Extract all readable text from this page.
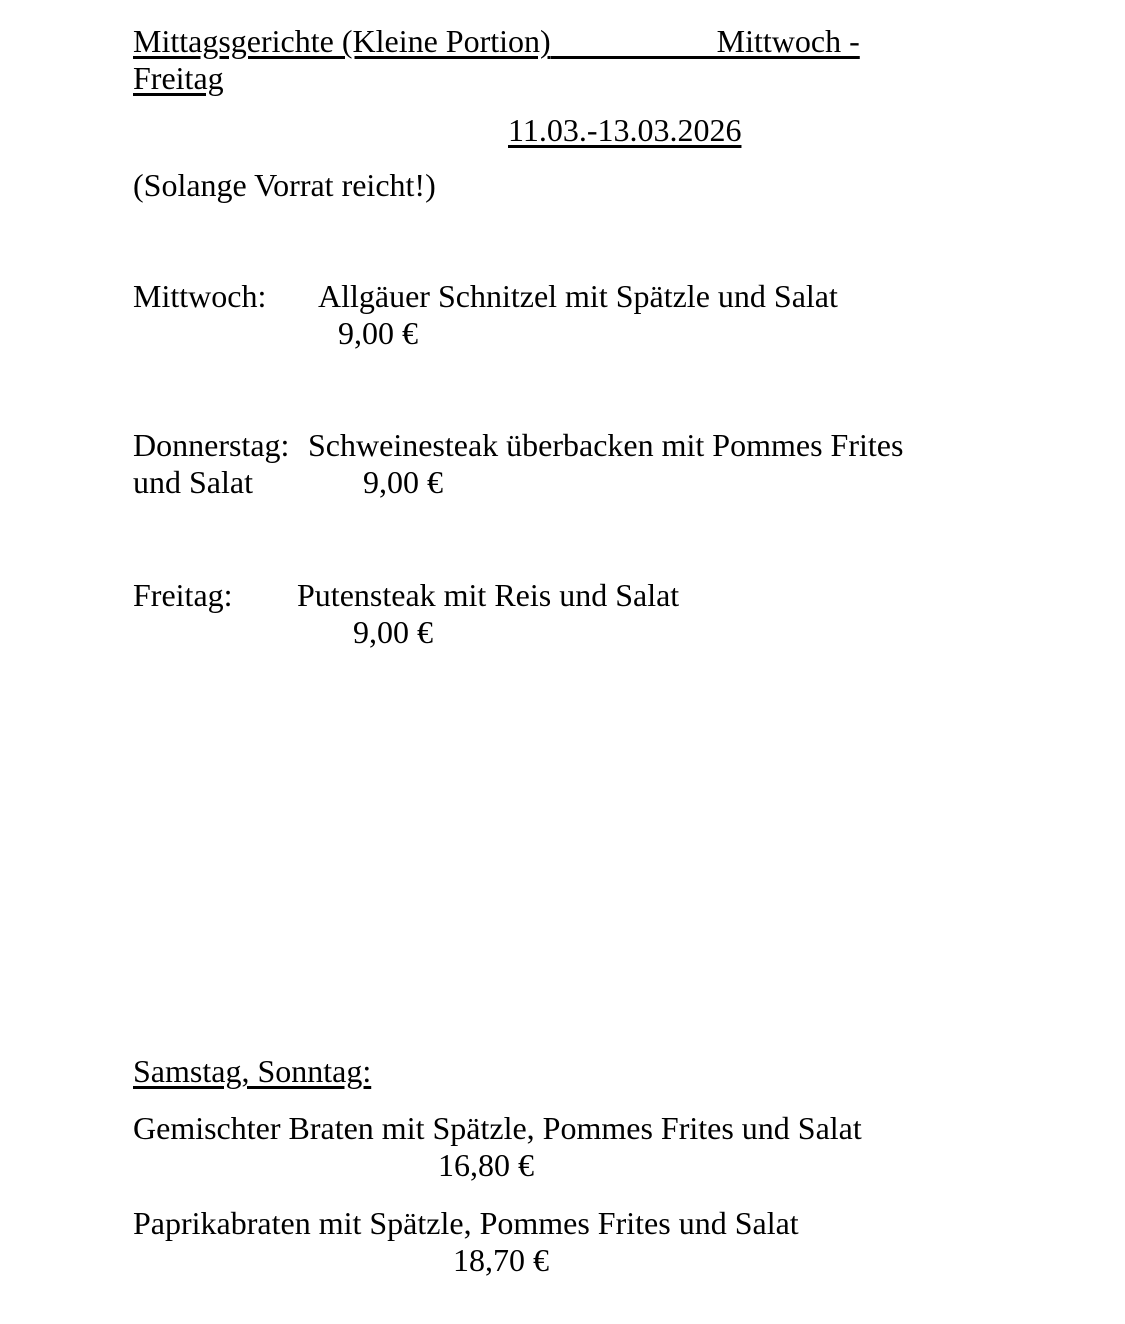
Mittagsgerichte (Kleine Portion)	Mittwoch -
Freitag
11.03.-13.03.2026
(Solange Vorrat reicht!)
Mittwoch: Allgäuer Schnitzel mit Spätzle und Salat
9,00 €
Donnerstag: Schweinesteak überbacken mit Pommes Frites
und Salat	9,00 €
Freitag: Putensteak mit Reis und Salat
9,00 €
Samstag, Sonntag:
Gemischter Braten mit Spätzle, Pommes Frites und Salat
16,80 €
Paprikabraten mit Spätzle, Pommes Frites und Salat
18,70 €
